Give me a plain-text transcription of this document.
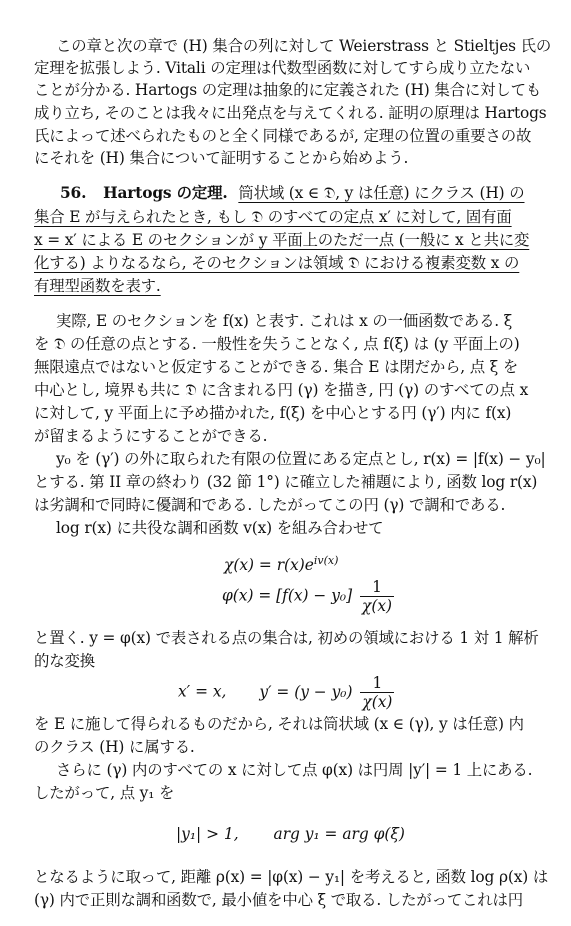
この章と次の章で (H) 集合の列に対して Weierstrass と Stieltjes 氏の
定理を拡張しよう. Vitali の定理は代数型函数に対してすら成り立たない
ことが分かる. Hartogs の定理は抽象的に定義された (H) 集合に対しても
成り立ち, そのことは我々に出発点を与えてくれる. 証明の原理は Hartogs
氏によって述べられたものと全く同様であるが, 定理の位置の重要さの故
にそれを (H) 集合について証明することから始めよう.
56. Hartogs の定理. 筒状域 (x ∈ 𝔇, y は任意) にクラス (H) の
集合 E が与えられたとき, もし 𝔇 のすべての定点 x′ に対して, 固有面
x = x′ による E のセクションが y 平面上のただ一点 (一般に x と共に変
化する) よりなるなら, そのセクションは領域 𝔇 における複素変数 x の
有理型函数を表す.
実際, E のセクションを f(x) と表す. これは x の一価函数である. ξ
を 𝔇 の任意の点とする. 一般性を失うことなく, 点 f(ξ) は (y 平面上の)
無限遠点ではないと仮定することができる. 集合 E は閉だから, 点 ξ を
中心とし, 境界も共に 𝔇 に含まれる円 (γ) を描き, 円 (γ) のすべての点 x
に対して, y 平面上に予め描かれた, f(ξ) を中心とする円 (γ′) 内に f(x)
が留まるようにすることができる.
y₀ を (γ′) の外に取られた有限の位置にある定点とし, r(x) = |f(x) − y₀|
とする. 第 II 章の終わり (32 節 1°) に確立した補題により, 函数 log r(x)
は劣調和で同時に優調和である. したがってこの円 (γ) で調和である.
log r(x) に共役な調和函数 v(x) を組み合わせて
$\chi(x) = r(x)e^{iv(x)}$
$\varphi(x) = [f(x) - y_0] \frac{1}{\chi(x)}$
と置く. y = φ(x) で表される点の集合は, 初めの領域における 1 対 1 解析
的な変換
x′ = x, $y' = (y - y_0) \frac{1}{\chi(x)}$
を E に施して得られるものだから, それは筒状域 (x ∈ (γ), y は任意) 内
のクラス (H) に属する.
さらに (γ) 内のすべての x に対して点 φ(x) は円周 |y′| = 1 上にある.
したがって, 点 y₁ を
|y₁| > 1, arg y₁ = arg φ(ξ)
となるように取って, 距離 ρ(x) = |φ(x) − y₁| を考えると, 函数 log ρ(x) は
(γ) 内で正則な調和函数で, 最小値を中心 ξ で取る. したがってこれは円
